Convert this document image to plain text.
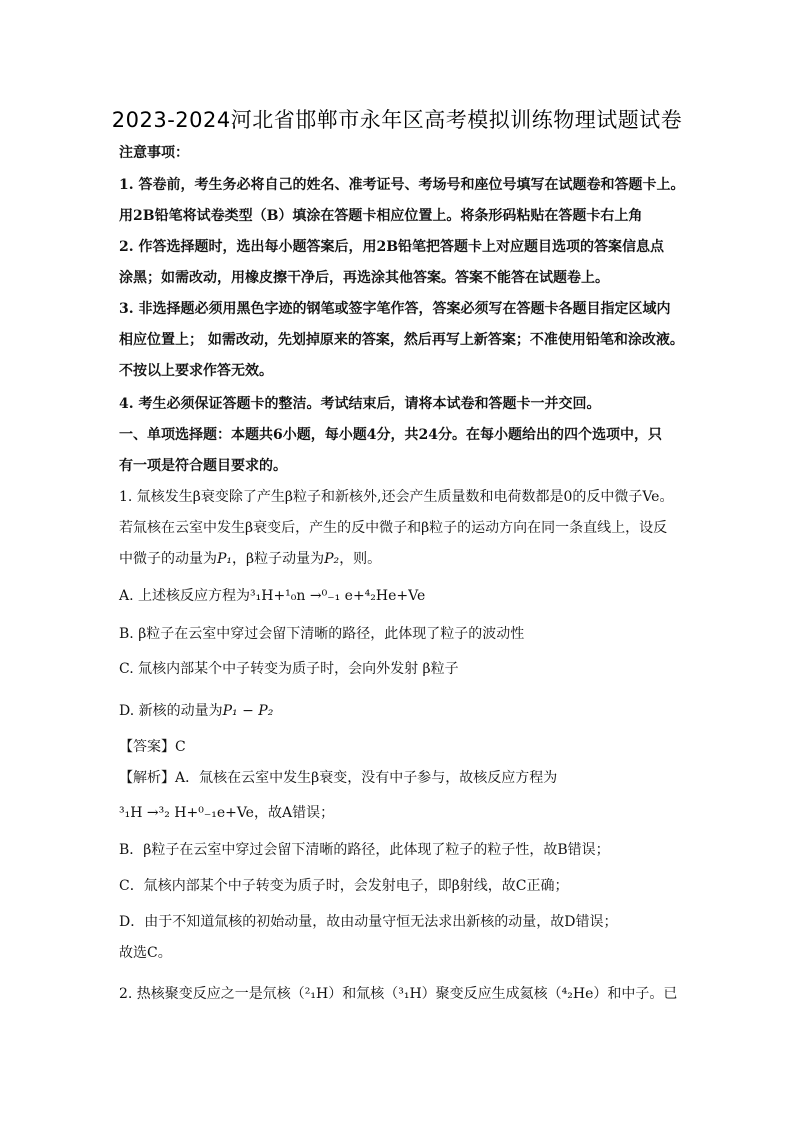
2023-2024河北省邯郸市永年区高考模拟训练物理试题试卷
注意事项：
1. 答卷前，考生务必将自己的姓名、准考证号、考场号和座位号填写在试题卷和答题卡上。
用2B铅笔将试卷类型（B）填涂在答题卡相应位置上。将条形码粘贴在答题卡右上角
2. 作答选择题时，选出每小题答案后，用2B铅笔把答题卡上对应题目选项的答案信息点
涂黑；如需改动，用橡皮擦干净后，再选涂其他答案。答案不能答在试题卷上。
3. 非选择题必须用黑色字迹的钢笔或签字笔作答，答案必须写在答题卡各题目指定区域内
相应位置上； 如需改动，先划掉原来的答案，然后再写上新答案；不准使用铅笔和涂改液。
不按以上要求作答无效。
4. 考生必须保证答题卡的整洁。考试结束后，请将本试卷和答题卡一并交回。
一、单项选择题：本题共6小题，每小题4分，共24分。在每小题给出的四个选项中，只
有一项是符合题目要求的。
1. 氚核发生β衰变除了产生β粒子和新核外,还会产生质量数和电荷数都是0的反中微子Ve。
若氚核在云室中发生β衰变后，产生的反中微子和β粒子的运动方向在同一条直线上，设反
中微子的动量为P₁，β粒子动量为P₂，则。
A. 上述核反应方程为³₁H+¹₀n →⁰₋₁ e+⁴₂He+Ve
B. β粒子在云室中穿过会留下清晰的路径，此体现了粒子的波动性
C. 氚核内部某个中子转变为质子时，会向外发射 β粒子
D. 新核的动量为P₁ − P₂
【答案】C
【解析】A．氚核在云室中发生β衰变，没有中子参与，故核反应方程为
³₁H →³₂ H+⁰₋₁e+Ve，故A错误；
B．β粒子在云室中穿过会留下清晰的路径，此体现了粒子的粒子性，故B错误；
C．氚核内部某个中子转变为质子时，会发射电子，即β射线，故C正确；
D．由于不知道氚核的初始动量，故由动量守恒无法求出新核的动量，故D错误；
故选C。
2. 热核聚变反应之一是氘核（²₁H）和氚核（³₁H）聚变反应生成氦核（⁴₂He）和中子。已
